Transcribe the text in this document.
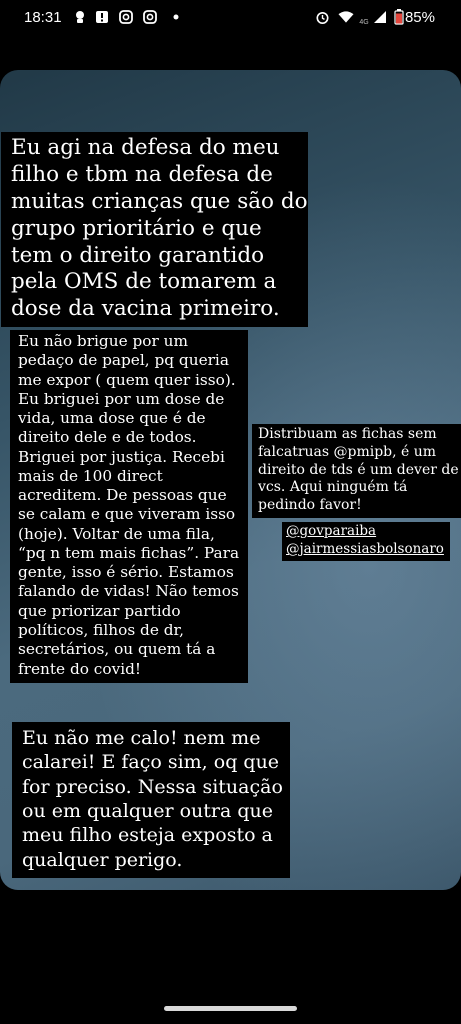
18:31	4G 85%
Eu agi na defesa do meu filho e tbm na defesa de muitas crianças que são do grupo prioritário e que tem o direito garantido pela OMS de tomarem a dose da vacina primeiro.
Eu não brigue por um pedaço de papel, pq queria me expor ( quem quer isso). Eu briguei por um dose de vida, uma dose que é de direito dele e de todos. Briguei por justiça. Recebi mais de 100 direct acreditem. De pessoas que se calam e que viveram isso (hoje). Voltar de uma fila, “pq n tem mais fichas”. Para gente, isso é sério. Estamos falando de vidas! Não temos que priorizar partido políticos, filhos de dr, secretários, ou quem tá a frente do covid!
Distribuam as fichas sem falcatruas @pmipb, é um direito de tds é um dever de vcs. Aqui ninguém tá pedindo favor!
@govparaiba
@jairmessiasbolsonaro
Eu não me calo! nem me calarei! E faço sim, oq que for preciso. Nessa situação ou em qualquer outra que meu filho esteja exposto a qualquer perigo.
